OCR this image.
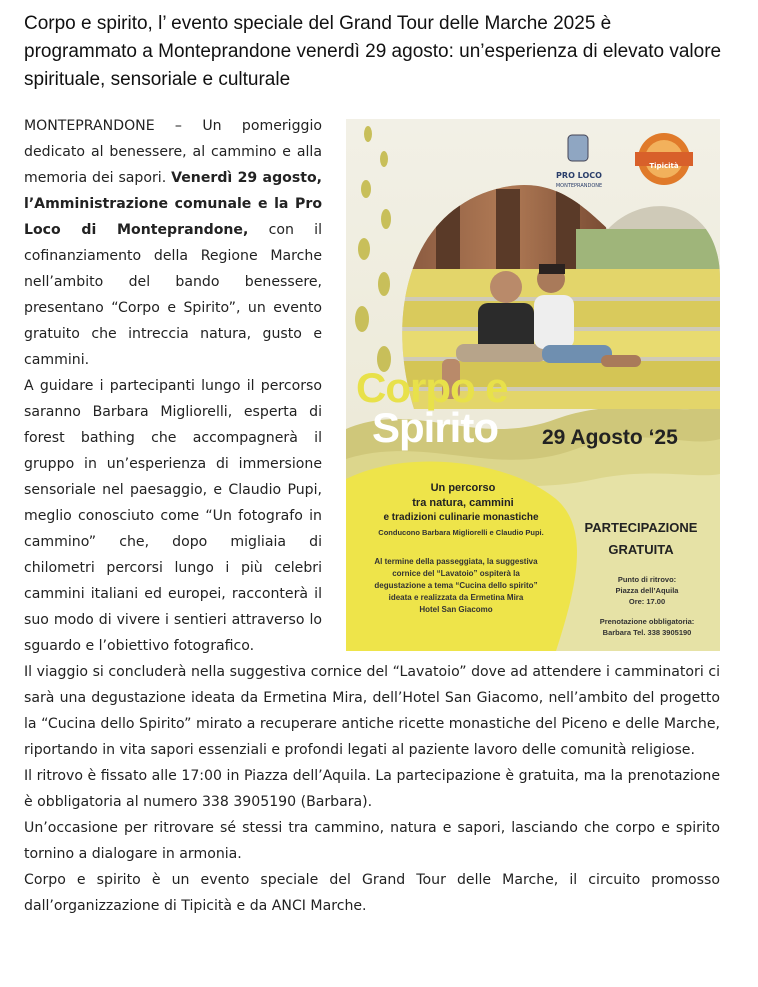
Corpo e spirito, l’ evento speciale del Grand Tour delle Marche 2025 è programmato a Monteprandone venerdì 29 agosto: un’esperienza di elevato valore spirituale, sensoriale e culturale
PRO LOCO
MONTEPRANDONE
Tipicità
Corpo e
Spirito 29 Agosto ‘25
Un percorso
tra natura, cammini
e tradizioni culinarie monastiche
Conducono Barbara Migliorelli e Claudio Pupi.
Al termine della passeggiata, la suggestiva
cornice del “Lavatoio” ospiterà la
degustazione a tema “Cucina dello spirito”
ideata e realizzata da Ermetina Mira
Hotel San Giacomo
PARTECIPAZIONE
GRATUITA
Punto di ritrovo:
Piazza dell’Aquila
Ore: 17.00
Prenotazione obbligatoria:
Barbara Tel. 338 3905190

MONTEPRANDONE – Un pomeriggio dedicato al benessere, al cammino e alla memoria dei sapori. Venerdì 29 agosto, l’Amministrazione comunale e la Pro Loco di Monteprandone, con il cofinanziamento della Regione Marche nell’ambito del bando benessere, presentano “Corpo e Spirito”, un evento gratuito che intreccia natura, gusto e cammini.

A guidare i partecipanti lungo il percorso saranno Barbara Migliorelli, esperta di forest bathing che accompagnerà il gruppo in un’esperienza di immersione sensoriale nel paesaggio, e Claudio Pupi, meglio conosciuto come “Un fotografo in cammino” che, dopo migliaia di chilometri percorsi lungo i più celebri cammini italiani ed europei, racconterà il suo modo di vivere i sentieri attraverso lo sguardo e l’obiettivo fotografico.

Il viaggio si concluderà nella suggestiva cornice del “Lavatoio” dove ad attendere i camminatori ci sarà una degustazione ideata da Ermetina Mira, dell’Hotel San Giacomo, nell’ambito del progetto la “Cucina dello Spirito” mirato a recuperare antiche ricette monastiche del Piceno e delle Marche, riportando in vita sapori essenziali e profondi legati al paziente lavoro delle comunità religiose.

Il ritrovo è fissato alle 17:00 in Piazza dell’Aquila. La partecipazione è gratuita, ma la prenotazione è obbligatoria al numero 338 3905190 (Barbara).

Un’occasione per ritrovare sé stessi tra cammino, natura e sapori, lasciando che corpo e spirito tornino a dialogare in armonia.

Corpo e spirito è un evento speciale del Grand Tour delle Marche, il circuito promosso dall’organizzazione di Tipicità e da ANCI Marche.
